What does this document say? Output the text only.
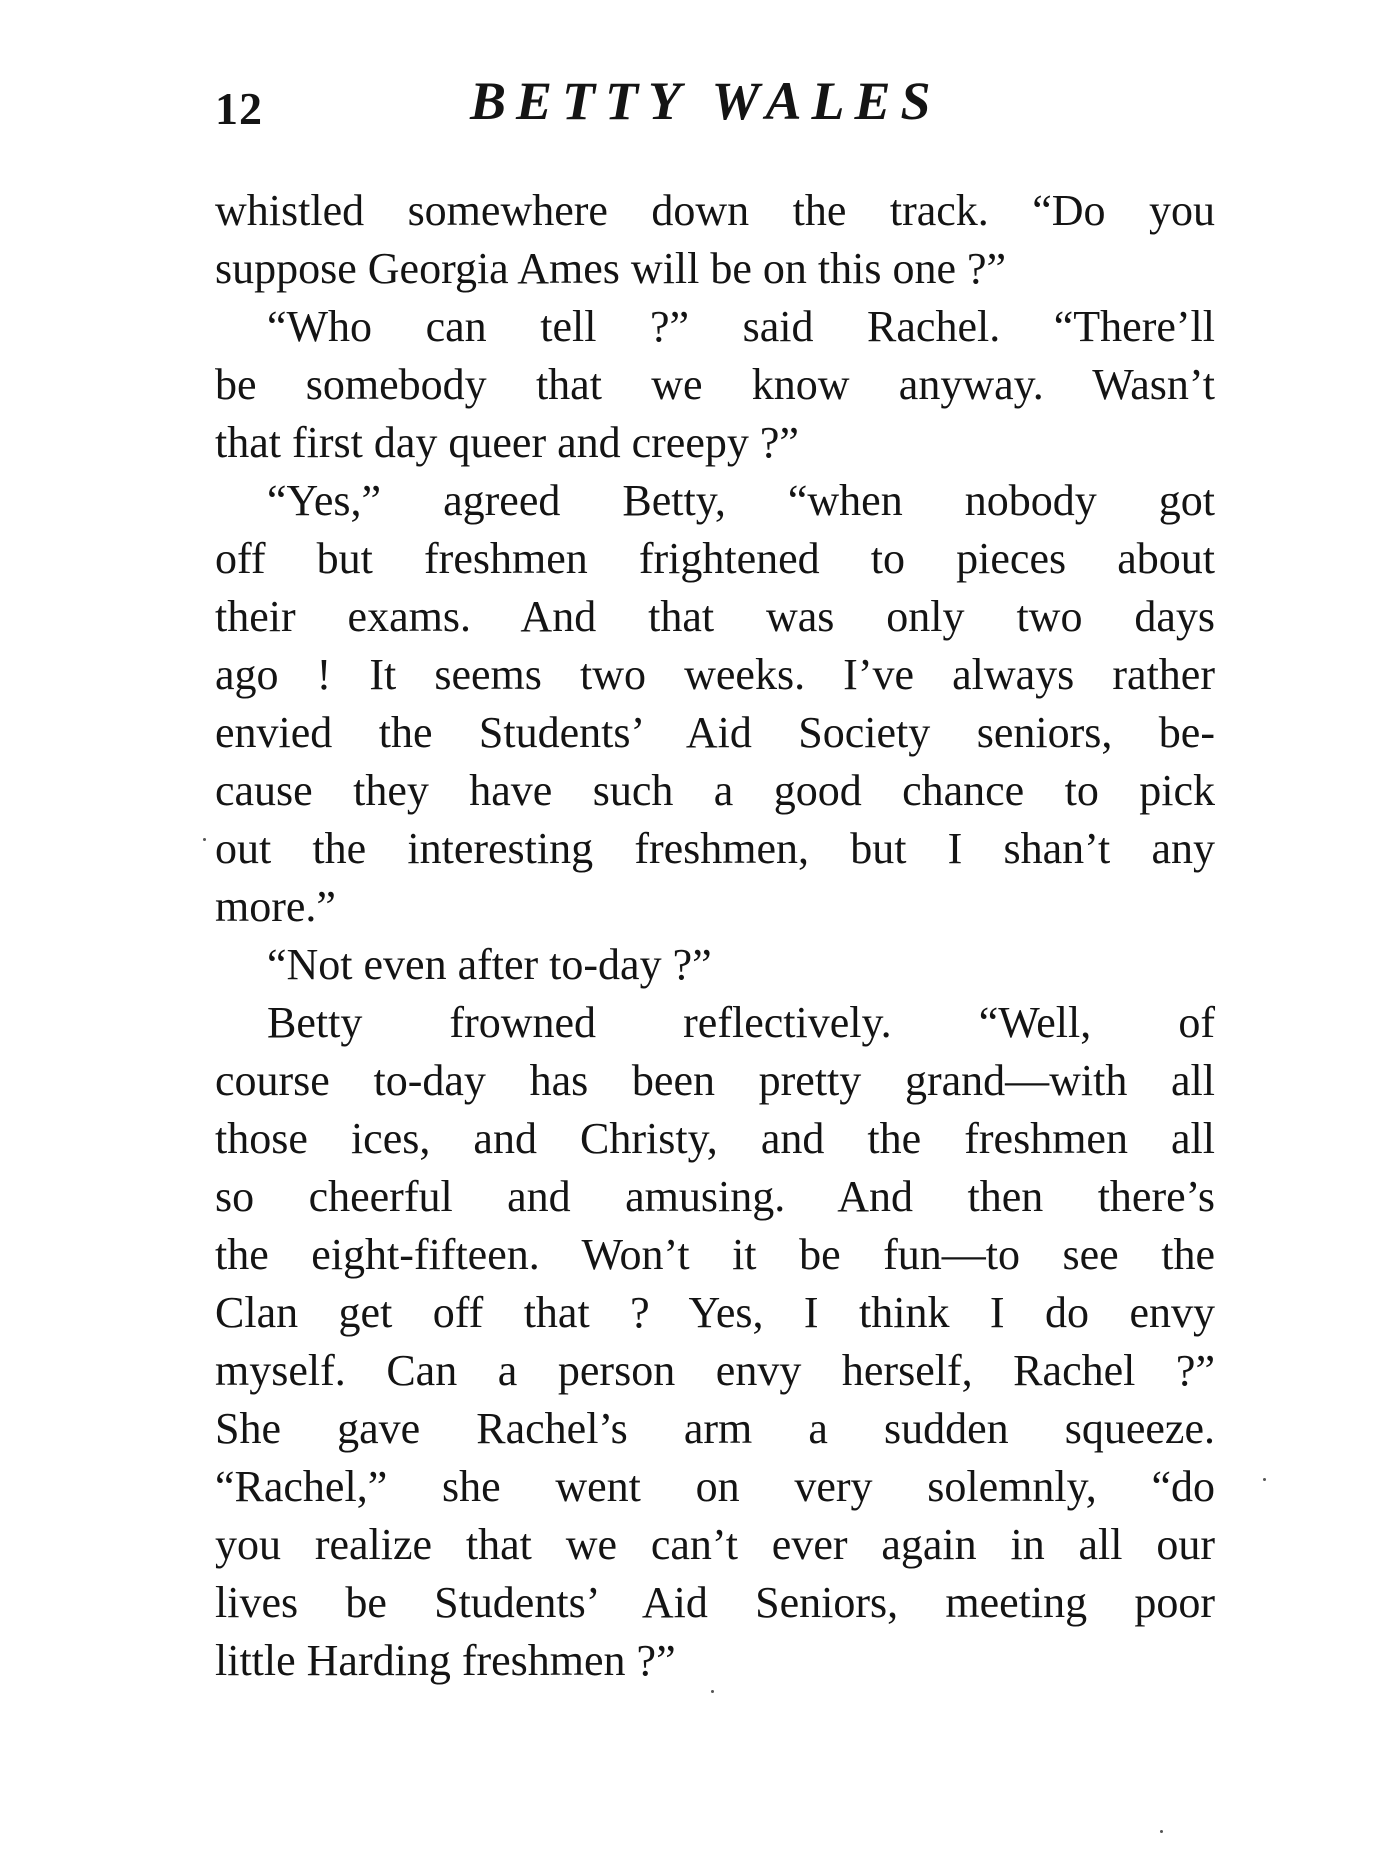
12	BETTY WALES
whistled somewhere down the track. “Do you
suppose Georgia Ames will be on this one ?”
“Who can tell ?” said Rachel. “There’ll
be somebody that we know anyway. Wasn’t
that first day queer and creepy ?”
“Yes,” agreed Betty, “when nobody got
off but freshmen frightened to pieces about
their exams. And that was only two days
ago ! It seems two weeks. I’ve always rather
envied the Students’ Aid Society seniors, be-
cause they have such a good chance to pick
out the interesting freshmen, but I shan’t any
more.”
“Not even after to-day ?”
Betty frowned reflectively. “Well, of
course to-day has been pretty grand—with all
those ices, and Christy, and the freshmen all
so cheerful and amusing. And then there’s
the eight-fifteen. Won’t it be fun—to see the
Clan get off that ? Yes, I think I do envy
myself. Can a person envy herself, Rachel ?”
She gave Rachel’s arm a sudden squeeze.
“Rachel,” she went on very solemnly, “do
you realize that we can’t ever again in all our
lives be Students’ Aid Seniors, meeting poor
little Harding freshmen ?”
